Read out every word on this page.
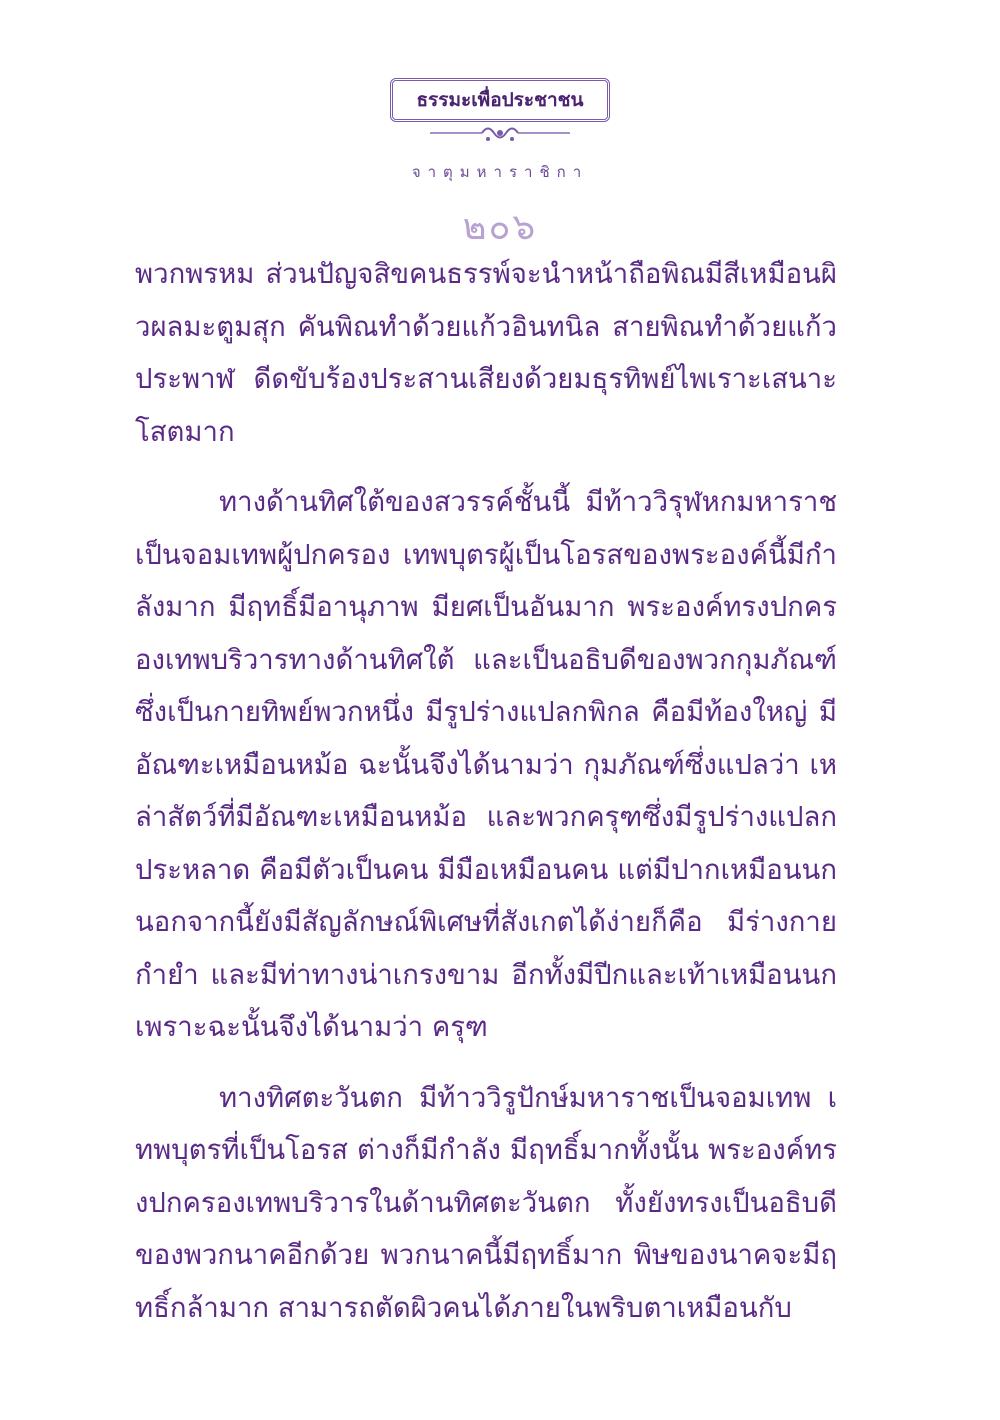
ธรรมะเพื่อประชาชน
จาตุมหาราชิกา
๒๐๖

พวกพรหม ส่วนปัญจสิขคนธรรพ์จะนำหน้าถือพิณมีสีเหมือนผิวผลมะตูมสุก คันพิณทำด้วยแก้วอินทนิล สายพิณทำด้วยแก้วประพาฬ ดีดขับร้องประสานเสียงด้วยมธุรทิพย์ไพเราะเสนาะโสตมาก

ทางด้านทิศใต้ของสวรรค์ชั้นนี้ มีท้าววิรุฬหกมหาราชเป็นจอมเทพผู้ปกครอง เทพบุตรผู้เป็นโอรสของพระองค์นี้มีกำลังมาก มีฤทธิ์มีอานุภาพ มียศเป็นอันมาก พระองค์ทรงปกครองเทพบริวารทางด้านทิศใต้ และเป็นอธิบดีของพวกกุมภัณฑ์ซึ่งเป็นกายทิพย์พวกหนึ่ง มีรูปร่างแปลกพิกล คือมีท้องใหญ่ มีอัณฑะเหมือนหม้อ ฉะนั้นจึงได้นามว่า กุมภัณฑ์ซึ่งแปลว่า เหล่าสัตว์ที่มีอัณฑะเหมือนหม้อ และพวกครุฑซึ่งมีรูปร่างแปลกประหลาด คือมีตัวเป็นคน มีมือเหมือนคน แต่มีปากเหมือนนก นอกจากนี้ยังมีสัญลักษณ์พิเศษที่สังเกตได้ง่ายก็คือ มีร่างกายกำยำ และมีท่าทางน่าเกรงขาม อีกทั้งมีปีกและเท้าเหมือนนก เพราะฉะนั้นจึงได้นามว่า ครุฑ

ทางทิศตะวันตก มีท้าววิรูปักษ์มหาราชเป็นจอมเทพ เทพบุตรที่เป็นโอรส ต่างก็มีกำลัง มีฤทธิ์มากทั้งนั้น พระองค์ทรงปกครองเทพบริวารในด้านทิศตะวันตก ทั้งยังทรงเป็นอธิบดีของพวกนาคอีกด้วย พวกนาคนี้มีฤทธิ์มาก พิษของนาคจะมีฤทธิ์กล้ามาก สามารถตัดผิวคนได้ภายในพริบตาเหมือนกับ
